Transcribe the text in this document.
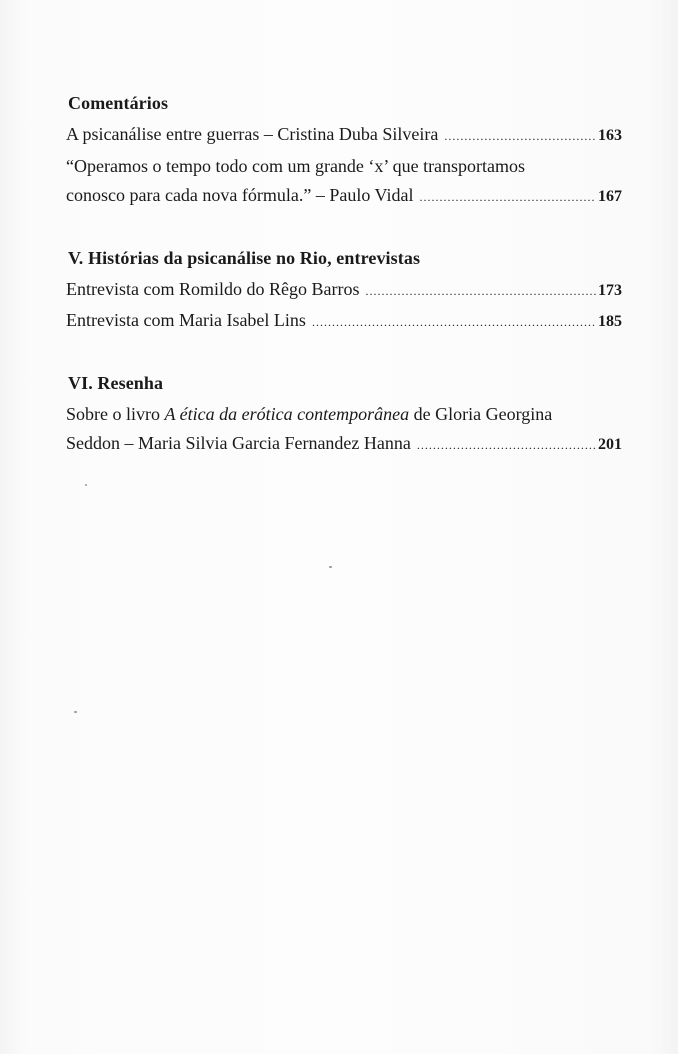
Comentários
A psicanálise entre guerras – Cristina Duba Silveira .....	163
“Operamos o tempo todo com um grande ‘x’ que transportamos
conosco para cada nova fórmula.” – Paulo Vidal .....	167
V. Histórias da psicanálise no Rio, entrevistas
Entrevista com Romildo do Rêgo Barros .....	173
Entrevista com Maria Isabel Lins .....	185
VI. Resenha
Sobre o livro A ética da erótica contemporânea de Gloria Georgina
Seddon – Maria Silvia Garcia Fernandez Hanna .....	201
